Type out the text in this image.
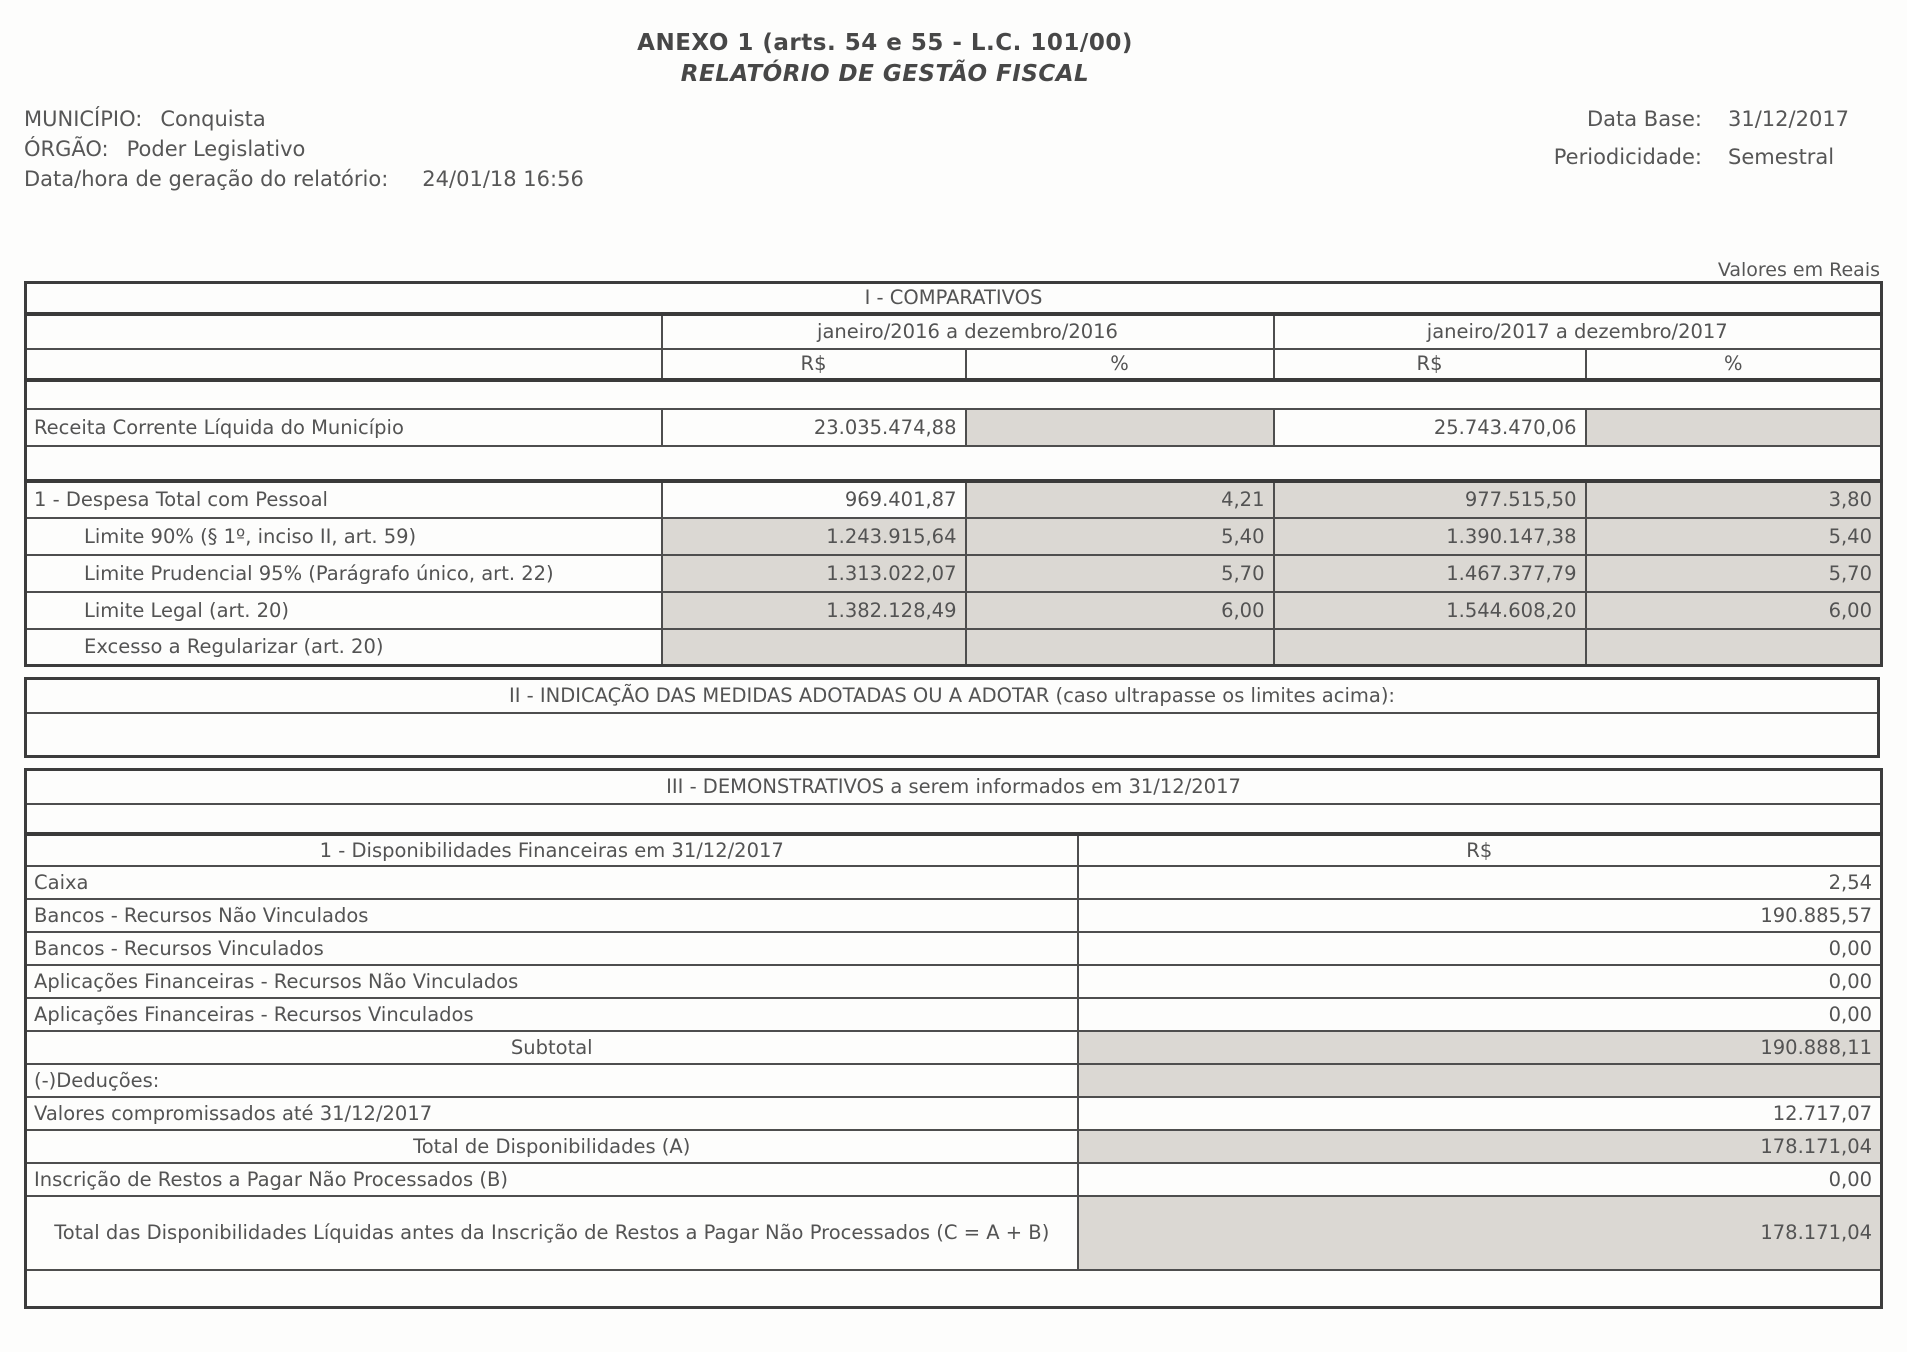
ANEXO 1 (arts. 54 e 55 - L.C. 101/00)
RELATÓRIO DE GESTÃO FISCAL
MUNICÍPIO: Conquista
ÓRGÃO: Poder Legislativo
Data/hora de geração do relatório: 24/01/18 16:56
Data Base:	31/12/2017
Periodicidade:	Semestral
Valores em Reais
I - COMPARATIVOS				
	janeiro/2016 a dezembro/2016		janeiro/2017 a dezembro/2017	
	R$	%	R$	%

Receita Corrente Líquida do Município	23.035.474,88		25.743.470,06	

1 - Despesa Total com Pessoal	969.401,87	4,21	977.515,50	3,80
Limite 90% (§ 1º, inciso II, art. 59)	1.243.915,64	5,40	1.390.147,38	5,40
Limite Prudencial 95% (Parágrafo único, art. 22)	1.313.022,07	5,70	1.467.377,79	5,70
Limite Legal (art. 20)	1.382.128,49	6,00	1.544.608,20	6,00
Excesso a Regularizar (art. 20)				
II - INDICAÇÃO DAS MEDIDAS ADOTADAS OU A ADOTAR (caso ultrapasse os limites acima):

III - DEMONSTRATIVOS a serem informados em 31/12/2017	

1 - Disponibilidades Financeiras em 31/12/2017	R$
Caixa	2,54
Bancos - Recursos Não Vinculados	190.885,57
Bancos - Recursos Vinculados	0,00
Aplicações Financeiras - Recursos Não Vinculados	0,00
Aplicações Financeiras - Recursos Vinculados	0,00
Subtotal	190.888,11
(-)Deduções:	
Valores compromissados até 31/12/2017	12.717,07
Total de Disponibilidades (A)	178.171,04
Inscrição de Restos a Pagar Não Processados (B)	0,00
Total das Disponibilidades Líquidas antes da Inscrição de Restos a Pagar Não Processados (C = A + B)	178.171,04
